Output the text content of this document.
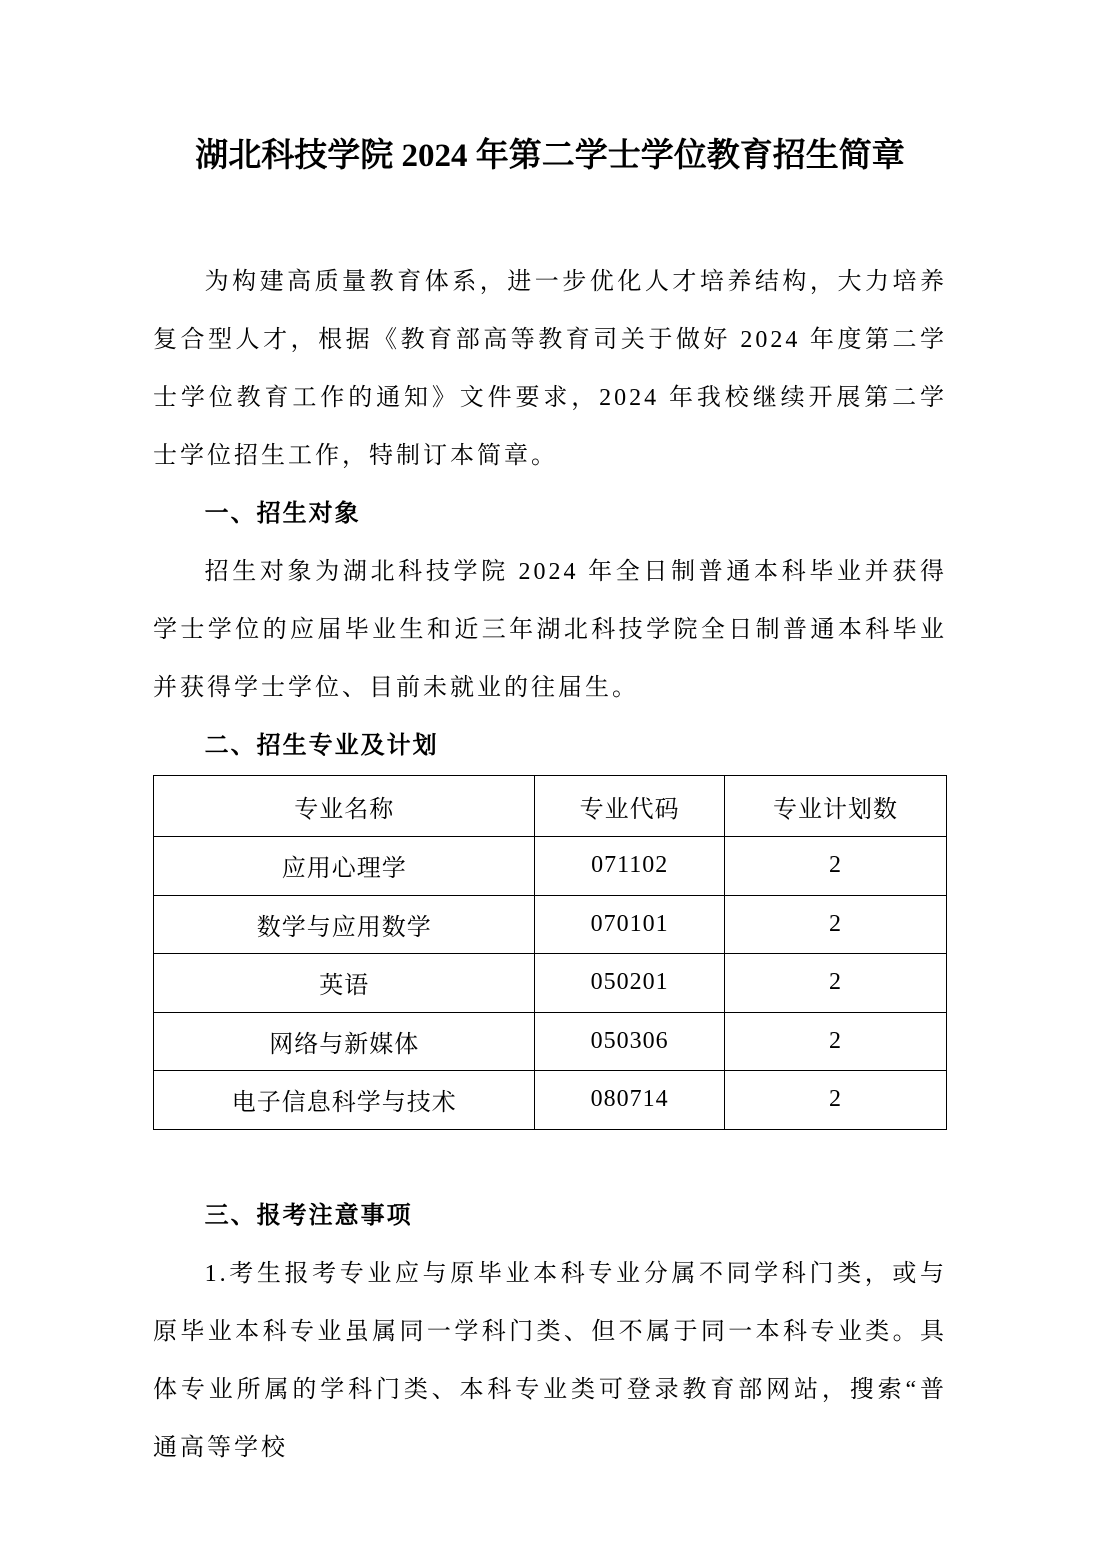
湖北科技学院 2024 年第二学士学位教育招生简章

为构建高质量教育体系，进一步优化人才培养结构，大力培养复合型人才，根据《教育部高等教育司关于做好 2024 年度第二学士学位教育工作的通知》文件要求，2024 年我校继续开展第二学士学位招生工作，特制订本简章。

一、招生对象

招生对象为湖北科技学院 2024 年全日制普通本科毕业并获得学士学位的应届毕业生和近三年湖北科技学院全日制普通本科毕业并获得学士学位、目前未就业的往届生。

二、招生专业及计划
专业名称	专业代码	专业计划数
应用心理学	071102	2
数学与应用数学	070101	2
英语	050201	2
网络与新媒体	050306	2
电子信息科学与技术	080714	2
三、报考注意事项

1.考生报考专业应与原毕业本科专业分属不同学科门类，或与原毕业本科专业虽属同一学科门类、但不属于同一本科专业类。具体专业所属的学科门类、本科专业类可登录教育部网站，搜索“普通高等学校
